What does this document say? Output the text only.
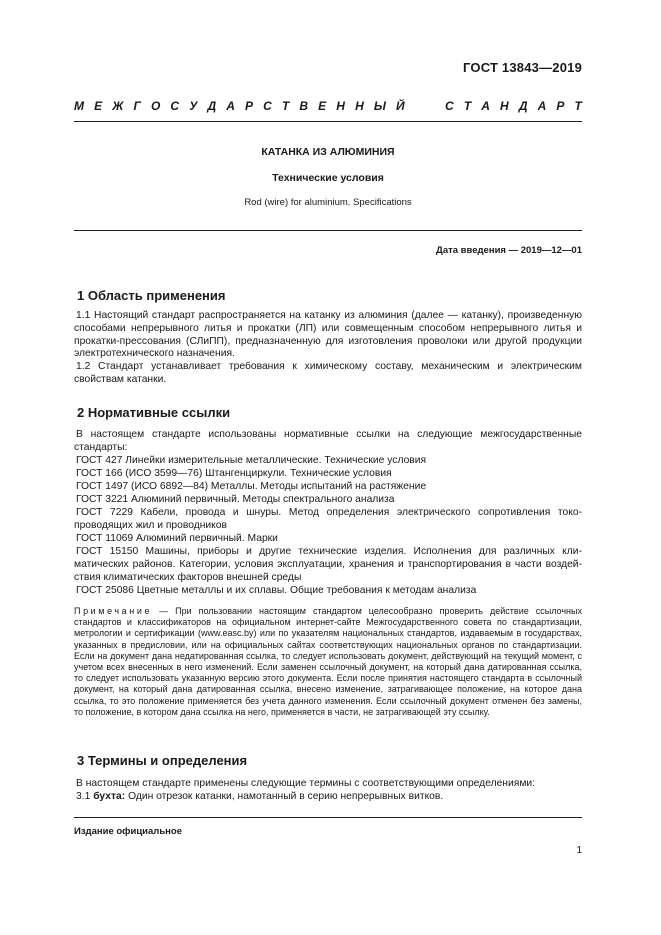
ГОСТ 13843—2019
М Е Ж Г О С У Д А Р С Т В Е Н Н Ы Й	С Т А Н Д А Р Т
КАТАНКА ИЗ АЛЮМИНИЯ
Технические условия
Rod (wire) for aluminium. Specifications
Дата введения — 2019—12—01
1 Область применения

1.1 Настоящий стандарт распространяется на катанку из алюминия (далее — катанку), произведенную способами непрерывного литья и прокатки (ЛП) или совмещенным способом непрерывного литья и прокатки-прессования (СЛиПП), предназначенную для изготовления проволоки или другой продукции электротехнического назначения.

1.2 Стандарт устанавливает требования к химическому составу, механическим и электрическим свойствам катанки.

2 Нормативные ссылки
В настоящем стандарте использованы нормативные ссылки на следующие межгосударственные стандарты:
ГОСТ 427 Линейки измерительные металлические. Технические условия
ГОСТ 166 (ИСО 3599—76) Штангенциркули. Технические условия
ГОСТ 1497 (ИСО 6892—84) Металлы. Методы испытаний на растяжение
ГОСТ 3221 Алюминий первичный. Методы спектрального анализа
ГОСТ 7229 Кабели, провода и шнуры. Метод определения электрического сопротивления токопроводящих жил и проводников
ГОСТ 11069 Алюминий первичный. Марки
ГОСТ 15150 Машины, приборы и другие технические изделия. Исполнения для различных климатических районов. Категории, условия эксплуатации, хранения и транспортирования в части воздействия климатических факторов внешней среды
ГОСТ 25086 Цветные металлы и их сплавы. Общие требования к методам анализа
Примечание — При пользовании настоящим стандартом целесообразно проверить действие ссылочных стандартов и классификаторов на официальном интернет-сайте Межгосударственного совета по стандартизации, метрологии и сертификации (www.easc.by) или по указателям национальных стандартов, издаваемым в государствах, указанных в предисловии, или на официальных сайтах соответствующих национальных органов по стандартизации. Если на документ дана недатированная ссылка, то следует использовать документ, действующий на текущий момент, с учетом всех внесенных в него изменений. Если заменен ссылочный документ, на который дана датированная ссылка, то следует использовать указанную версию этого документа. Если после принятия настоящего стандарта в ссылочный документ, на который дана датированная ссылка, внесено изменение, затрагивающее положение, на которое дана ссылка, то это положение применяется без учета данного изменения. Если ссылочный документ отменен без замены, то положение, в котором дана ссылка на него, применяется в части, не затрагивающей эту ссылку.
3 Термины и определения
В настоящем стандарте применены следующие термины с соответствующими определениями:
3.1 бухта: Один отрезок катанки, намотанный в серию непрерывных витков.
Издание официальное
1
